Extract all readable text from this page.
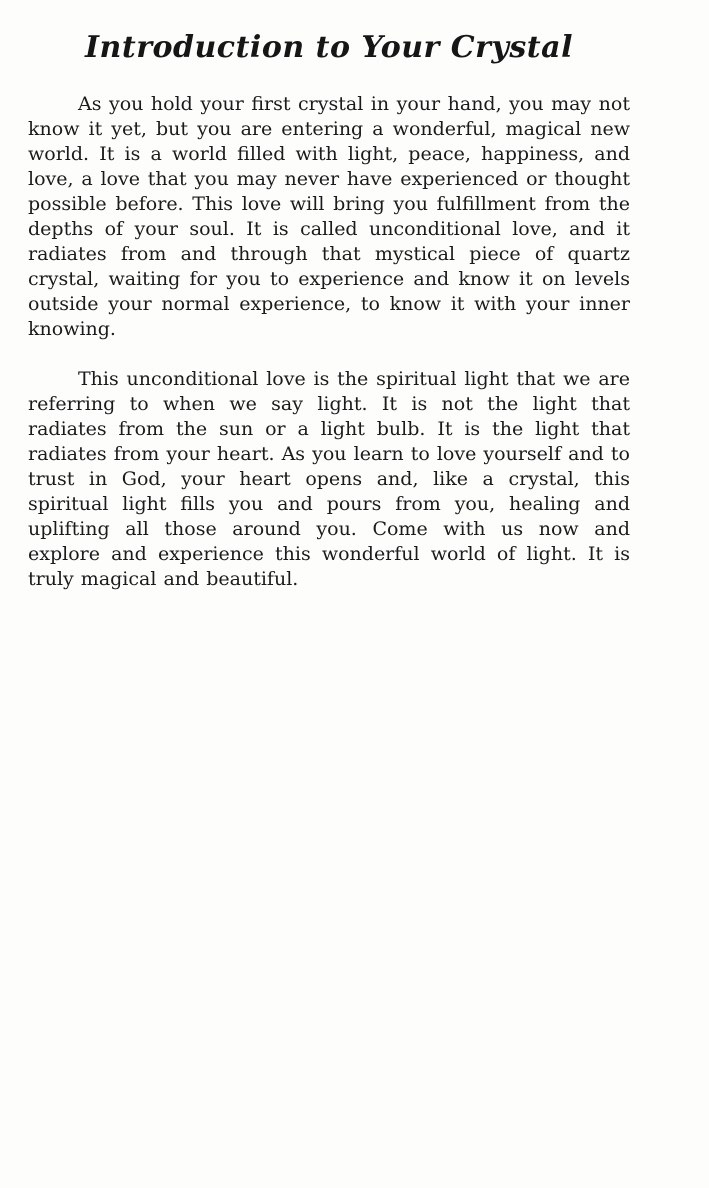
Introduction to Your Crystal

As you hold your first crystal in your hand, you may not know it yet, but you are entering a wonderful, magical new world. It is a world filled with light, peace, happiness, and love, a love that you may never have experienced or thought possible before. This love will bring you fulfillment from the depths of your soul. It is called unconditional love, and it radiates from and through that mystical piece of quartz crystal, waiting for you to experience and know it on levels outside your normal experience, to know it with your inner knowing.

This unconditional love is the spiritual light that we are referring to when we say light. It is not the light that radiates from the sun or a light bulb. It is the light that radiates from your heart. As you learn to love yourself and to trust in God, your heart opens and, like a crystal, this spiritual light fills you and pours from you, healing and uplifting all those around you. Come with us now and explore and experience this wonderful world of light. It is truly magical and beautiful.
